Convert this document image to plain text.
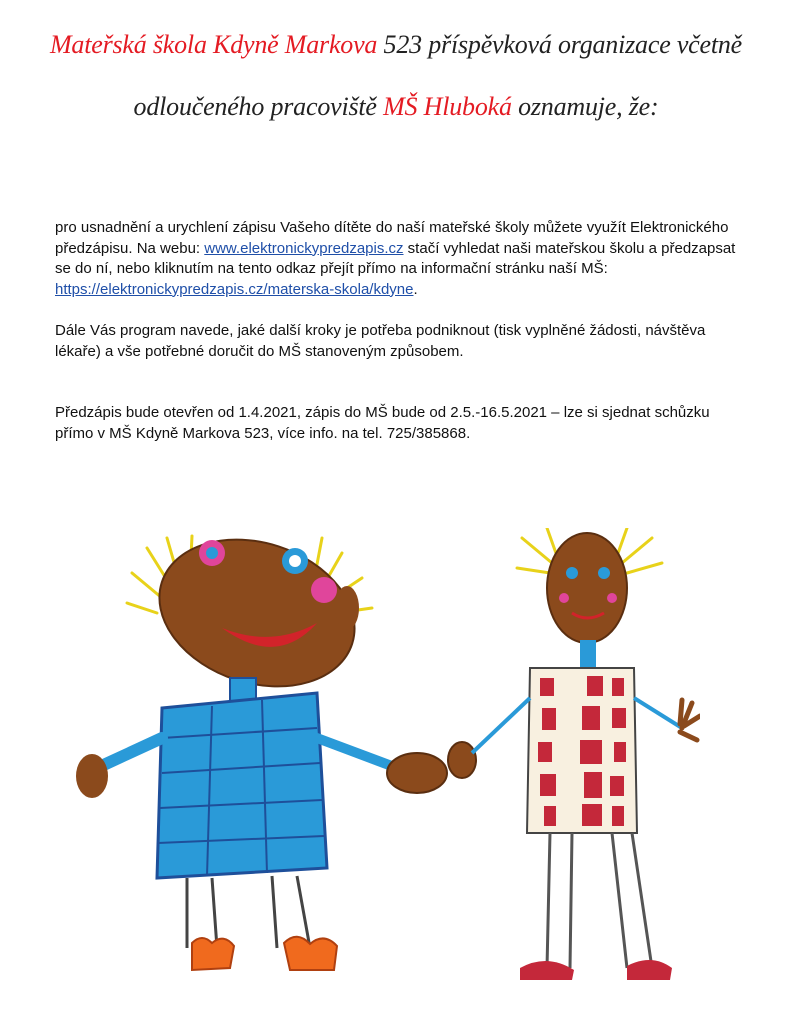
Mateřská škola Kdyně Markova 523 příspěvková organizace včetně
odloučeného pracoviště MŠ Hluboká oznamuje, že:
pro usnadnění a urychlení zápisu Vašeho dítěte do naší mateřské školy můžete využít Elektronického předzápisu. Na webu: www.elektronickypredzapis.cz stačí vyhledat naši mateřskou školu a předzapsat se do ní, nebo kliknutím na tento odkaz přejít přímo na informační stránku naší MŠ: https://elektronickypredzapis.cz/materska-skola/kdyne.
Dále Vás program navede, jaké další kroky je potřeba podniknout (tisk vyplněné žádosti, návštěva lékaře) a vše potřebné doručit do MŠ stanoveným způsobem.
Předzápis bude otevřen od 1.4.2021, zápis do MŠ bude od 2.5.-16.5.2021 – lze si sjednat schůzku přímo v MŠ Kdyně Markova 523, více info. na tel. 725/385868.
